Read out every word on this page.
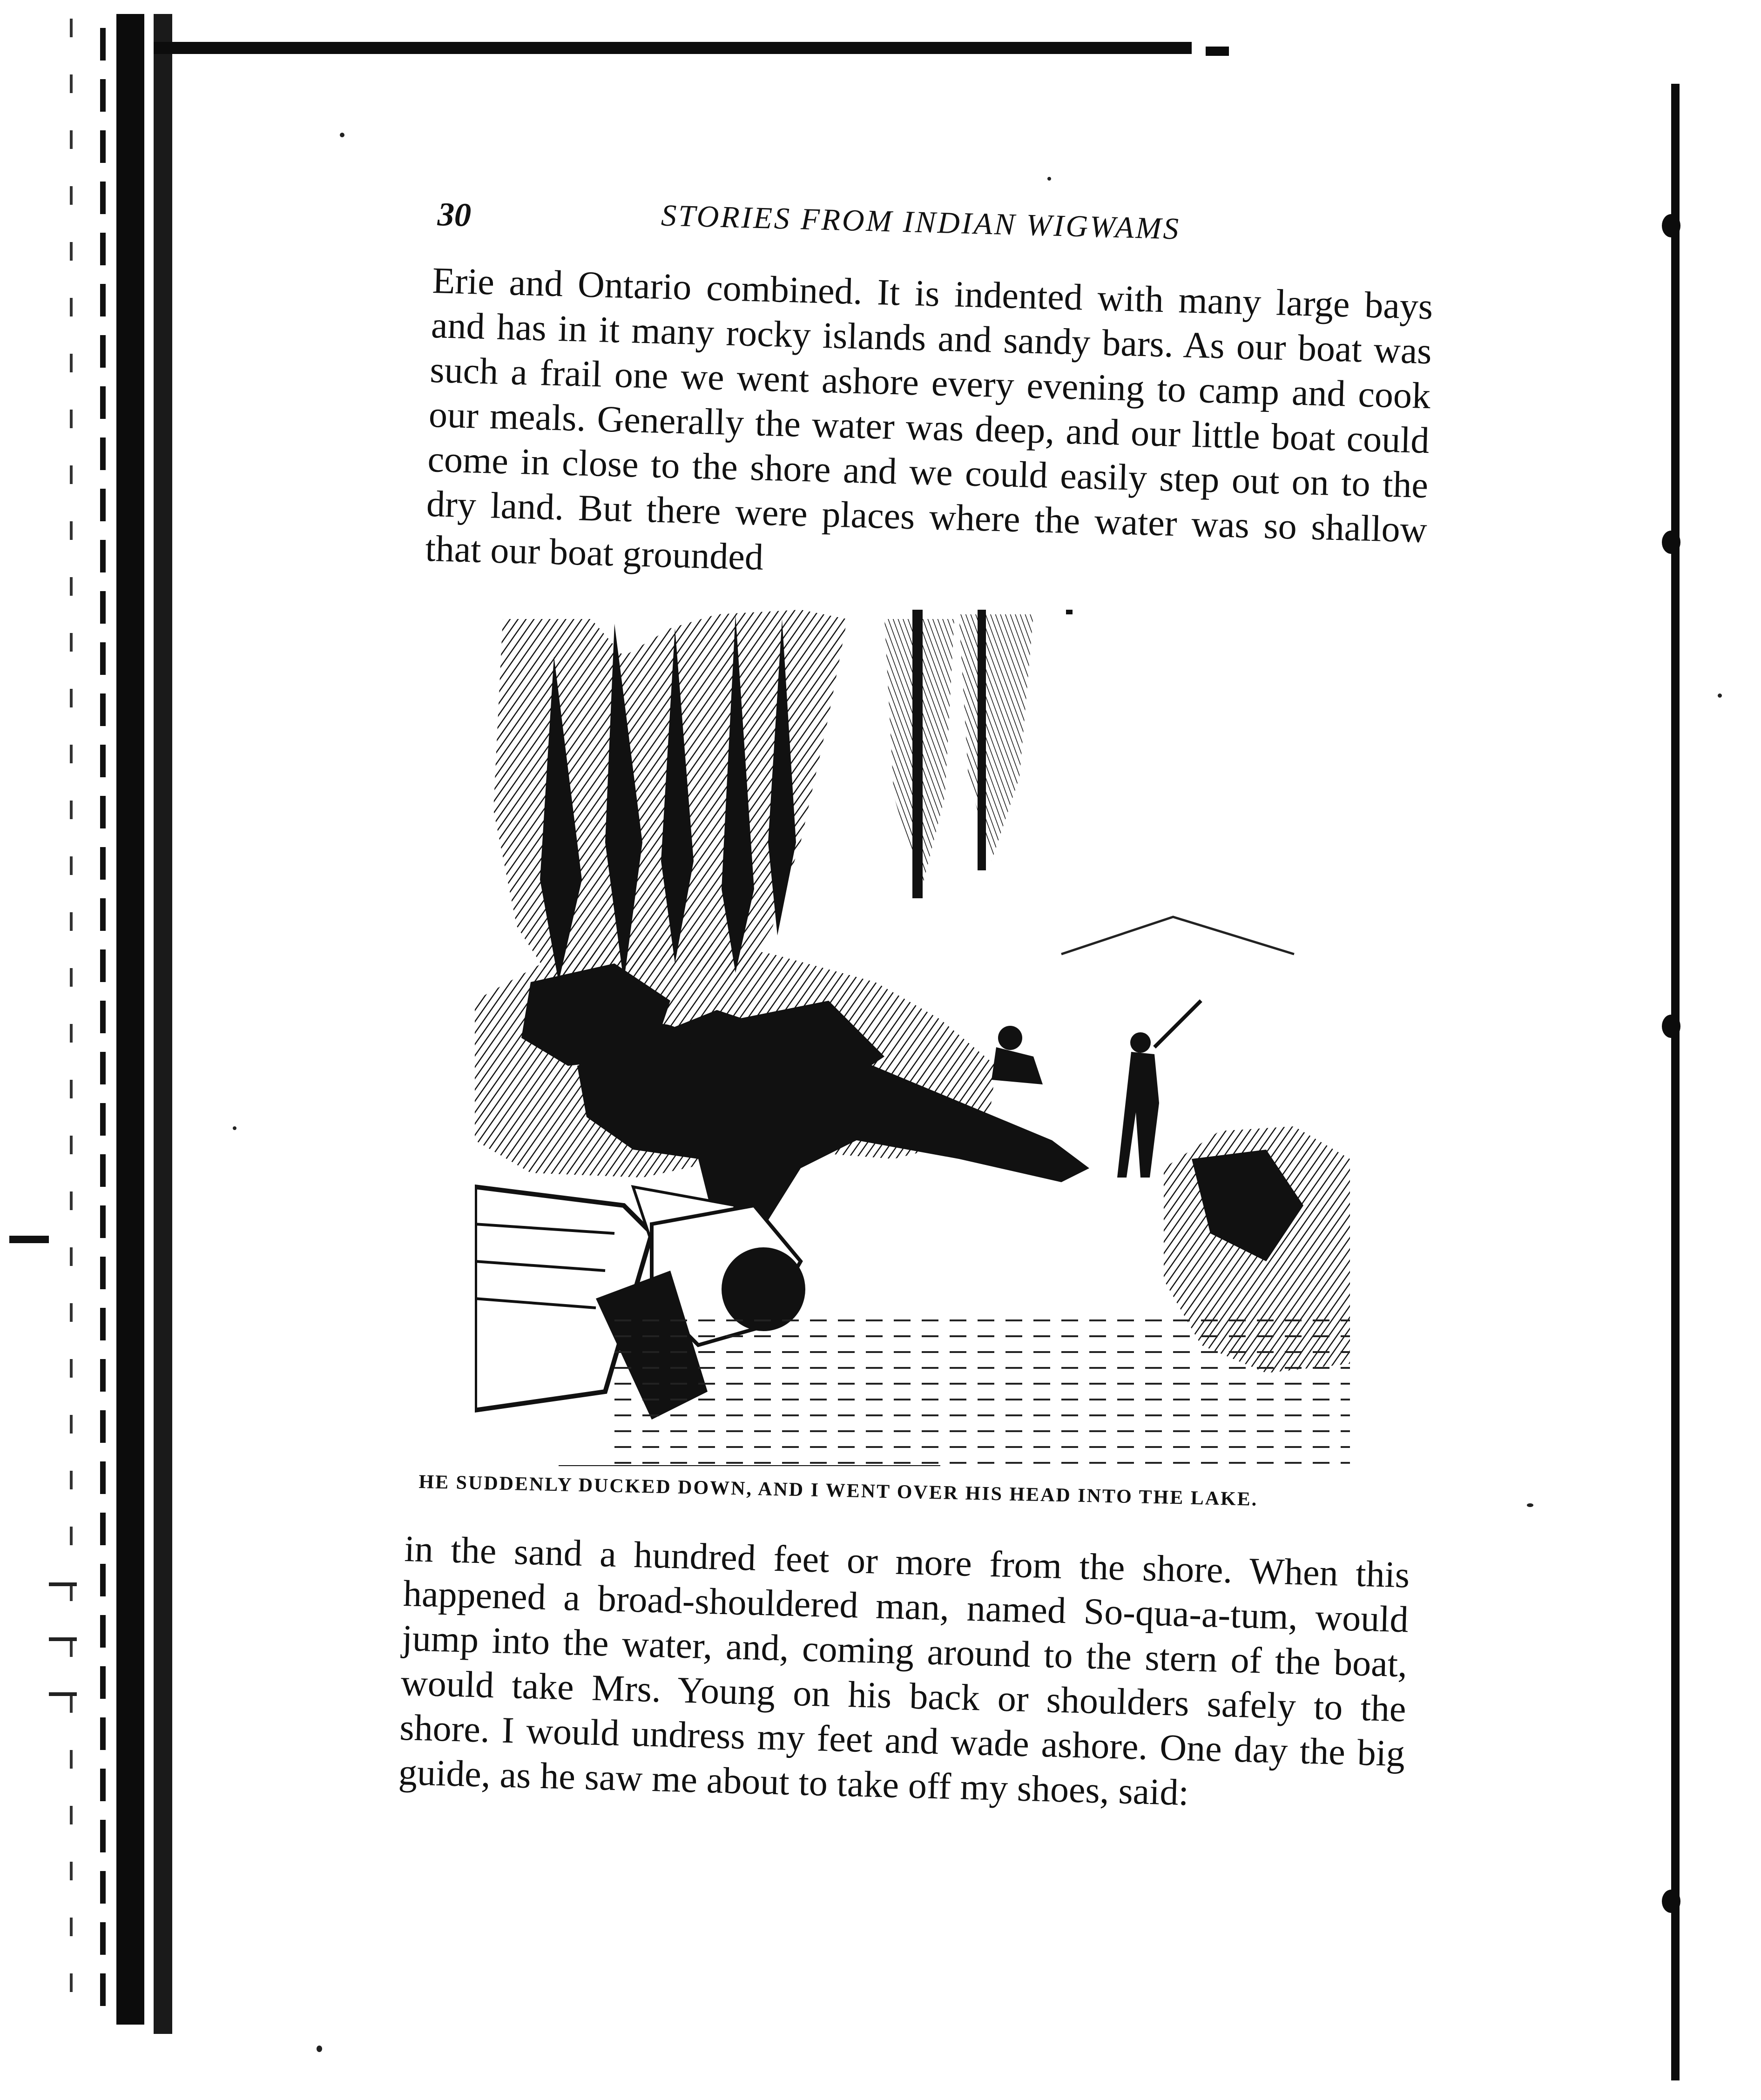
30	STORIES FROM INDIAN WIGWAMS

Erie and Ontario combined. It is indented with many large bays and has in it many rocky islands and sandy bars. As our boat was such a frail one we went ashore every evening to camp and cook our meals. Generally the water was deep, and our little boat could come in close to the shore and we could easily step out on to the dry land. But there were places where the water was so shallow that our boat grounded

HE SUDDENLY DUCKED DOWN, AND I WENT OVER HIS HEAD INTO THE LAKE.

in the sand a hundred feet or more from the shore. When this happened a broad-shouldered man, named So-qua-a-tum, would jump into the water, and, coming around to the stern of the boat, would take Mrs. Young on his back or shoulders safely to the shore. I would undress my feet and wade ashore. One day the big guide, as he saw me about to take off my shoes, said:
